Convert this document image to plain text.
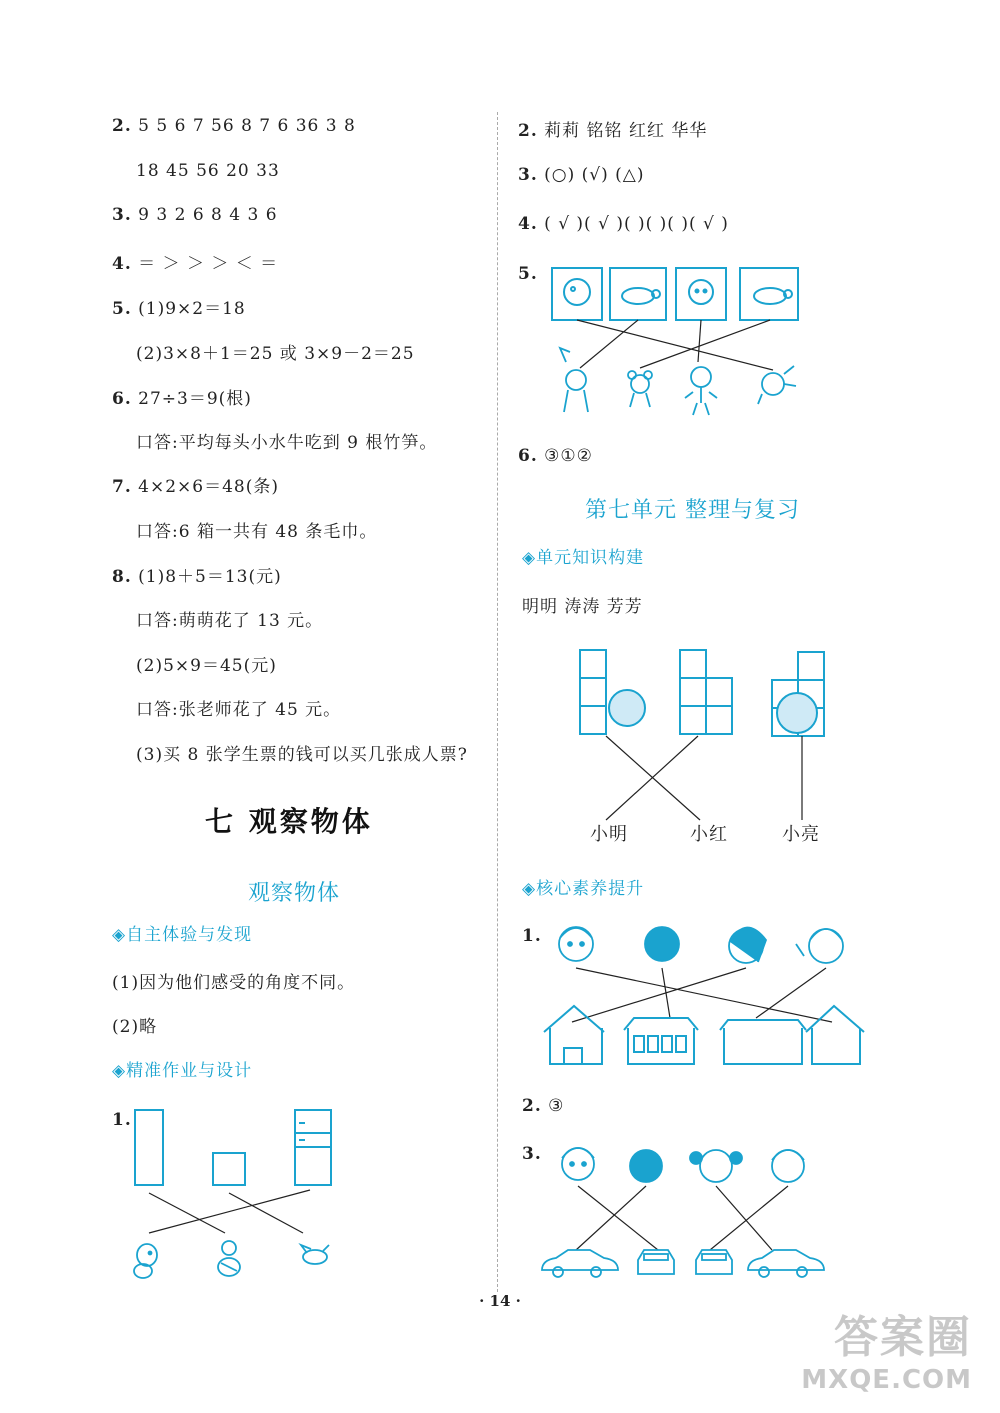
2. 5 5 6 7 56 8 7 6 36 3 8
18 45 56 20 33
3. 9 3 2 6 8 4 3 6
4. ＝ ＞ ＞ ＞ ＜ ＝
5. (1)9×2＝18
(2)3×8＋1＝25 或 3×9－2＝25
6. 27÷3＝9(根)
口答:平均每头小水牛吃到 9 根竹笋。
7. 4×2×6＝48(条)
口答:6 箱一共有 48 条毛巾。
8. (1)8＋5＝13(元)
口答:萌萌花了 13 元。
(2)5×9＝45(元)
口答:张老师花了 45 元。
(3)买 8 张学生票的钱可以买几张成人票?
七 观察物体
观察物体
◈自主体验与发现
(1)因为他们感受的角度不同。
(2)略
◈精准作业与设计
1.
2. 莉莉 铭铭 红红 华华
3. (○) (√) (△)
4. ( √ )( √ )( )( )( )( √ )
5.
6. ③①②
第七单元 整理与复习
◈单元知识构建
明明 涛涛 芳芳
小明	小红	小亮
◈核心素养提升
1.
2. ③
3.
· 14 ·
答案圈
MXQE.COM
